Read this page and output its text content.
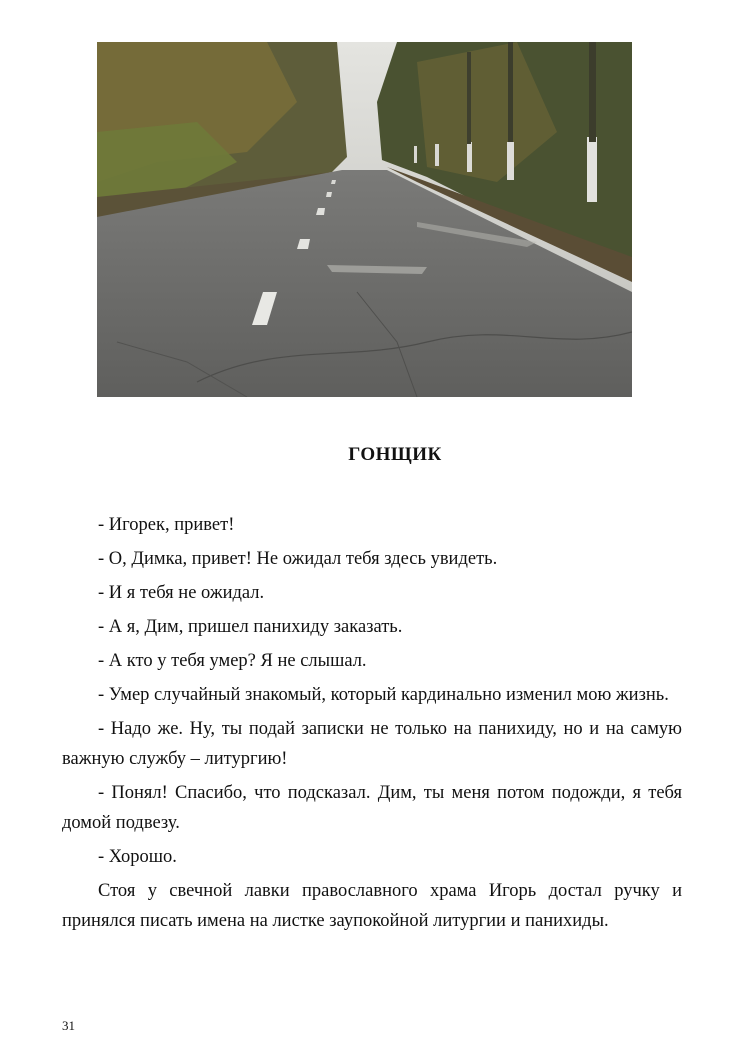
ГОНЩИК

- Игорек, привет!

- О, Димка, привет! Не ожидал тебя здесь увидеть.

- И я тебя не ожидал.

- А я, Дим, пришел панихиду заказать.

- А кто у тебя умер? Я не слышал.

- Умер случайный знакомый, который кардинально изменил мою жизнь.

- Надо же. Ну, ты подай записки не только на панихиду, но и на самую важную службу – литургию!

- Понял! Спасибо, что подсказал. Дим, ты меня потом подожди, я тебя домой подвезу.

- Хорошо.

Стоя у свечной лавки православного храма Игорь достал ручку и принялся писать имена на листке заупокойной литургии и панихиды.

31
